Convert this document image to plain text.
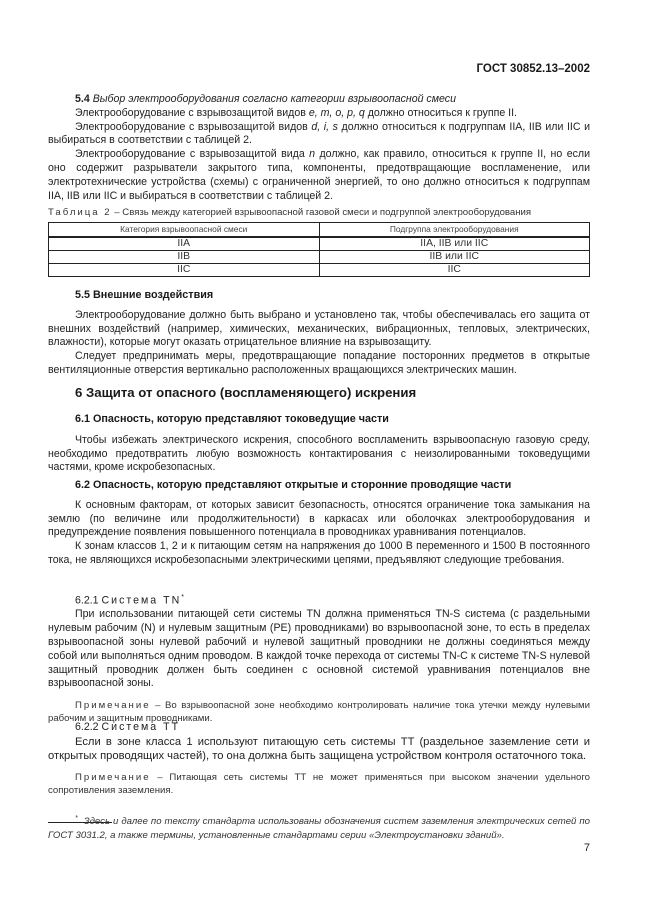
ГОСТ 30852.13–2002

5.4 Выбор электрооборудования согласно категории взрывоопасной смеси

Электрооборудование с взрывозащитой видов e, m, o, p, q должно относиться к группе II.

Электрооборудование с взрывозащитой видов d, i, s должно относиться к подгруппам IIA, IIB или IIC и выбираться в соответствии с таблицей 2.

Электрооборудование с взрывозащитой вида n должно, как правило, относиться к группе II, но если оно содержит разрыватели закрытого типа, компоненты, предотвращающие воспламенение, или электротехнические устройства (схемы) с ограниченной энергией, то оно должно относиться к подгруппам IIA, IIB или IIC и выбираться в соответствии с таблицей 2.

Таблица 2 – Связь между категорией взрывоопасной газовой смеси и подгруппой электрооборудования

Категория взрывоопасной смеси	Подгруппа электрооборудования
IIA	IIA, IIB или IIC
IIB	IIB или IIC
IIC	IIC

5.5 Внешние воздействия

Электрооборудование должно быть выбрано и установлено так, чтобы обеспечивалась его защита от внешних воздействий (например, химических, механических, вибрационных, тепловых, электрических, влажности), которые могут оказать отрицательное влияние на взрывозащиту.

Следует предпринимать меры, предотвращающие попадание посторонних предметов в открытые вентиляционные отверстия вертикально расположенных вращающихся электрических машин.

6 Защита от опасного (воспламеняющего) искрения

6.1 Опасность, которую представляют токоведущие части

Чтобы избежать электрического искрения, способного воспламенить взрывоопасную газовую среду, необходимо предотвратить любую возможность контактирования с неизолированными токоведущими частями, кроме искробезопасных.

6.2 Опасность, которую представляют открытые и сторонние проводящие части

К основным факторам, от которых зависит безопасность, относятся ограничение тока замыкания на землю (по величине или продолжительности) в каркасах или оболочках электрооборудования и предупреждение появления повышенного потенциала в проводниках уравнивания потенциалов.

К зонам классов 1, 2 и к питающим сетям на напряжения до 1000 В переменного и 1500 В постоянного тока, не являющихся искробезопасными электрическими цепями, предъявляют следующие требования.

6.2.1 Система TN*

При использовании питающей сети системы TN должна применяться TN-S система (с раздельными нулевым рабочим (N) и нулевым защитным (PE) проводниками) во взрывоопасной зоне, то есть в пределах взрывоопасной зоны нулевой рабочий и нулевой защитный проводники не должны соединяться между собой или выполняться одним проводом. В каждой точке перехода от системы TN-C к системе TN-S нулевой защитный проводник должен быть соединен с основной системой уравнивания потенциалов вне взрывоопасной зоны.

Примечание – Во взрывоопасной зоне необходимо контролировать наличие тока утечки между нулевыми рабочим и защитным проводниками.

6.2.2 Система TT

Если в зоне класса 1 используют питающую сеть системы TT (раздельное заземление сети и открытых проводящих частей), то она должна быть защищена устройством контроля остаточного тока.

Примечание – Питающая сеть системы TT не может применяться при высоком значении удельного сопротивления заземления.

* Здесь и далее по тексту стандарта использованы обозначения систем заземления электрических сетей по ГОСТ 3031.2, а также термины, установленные стандартами серии «Электроустановки зданий».

7
